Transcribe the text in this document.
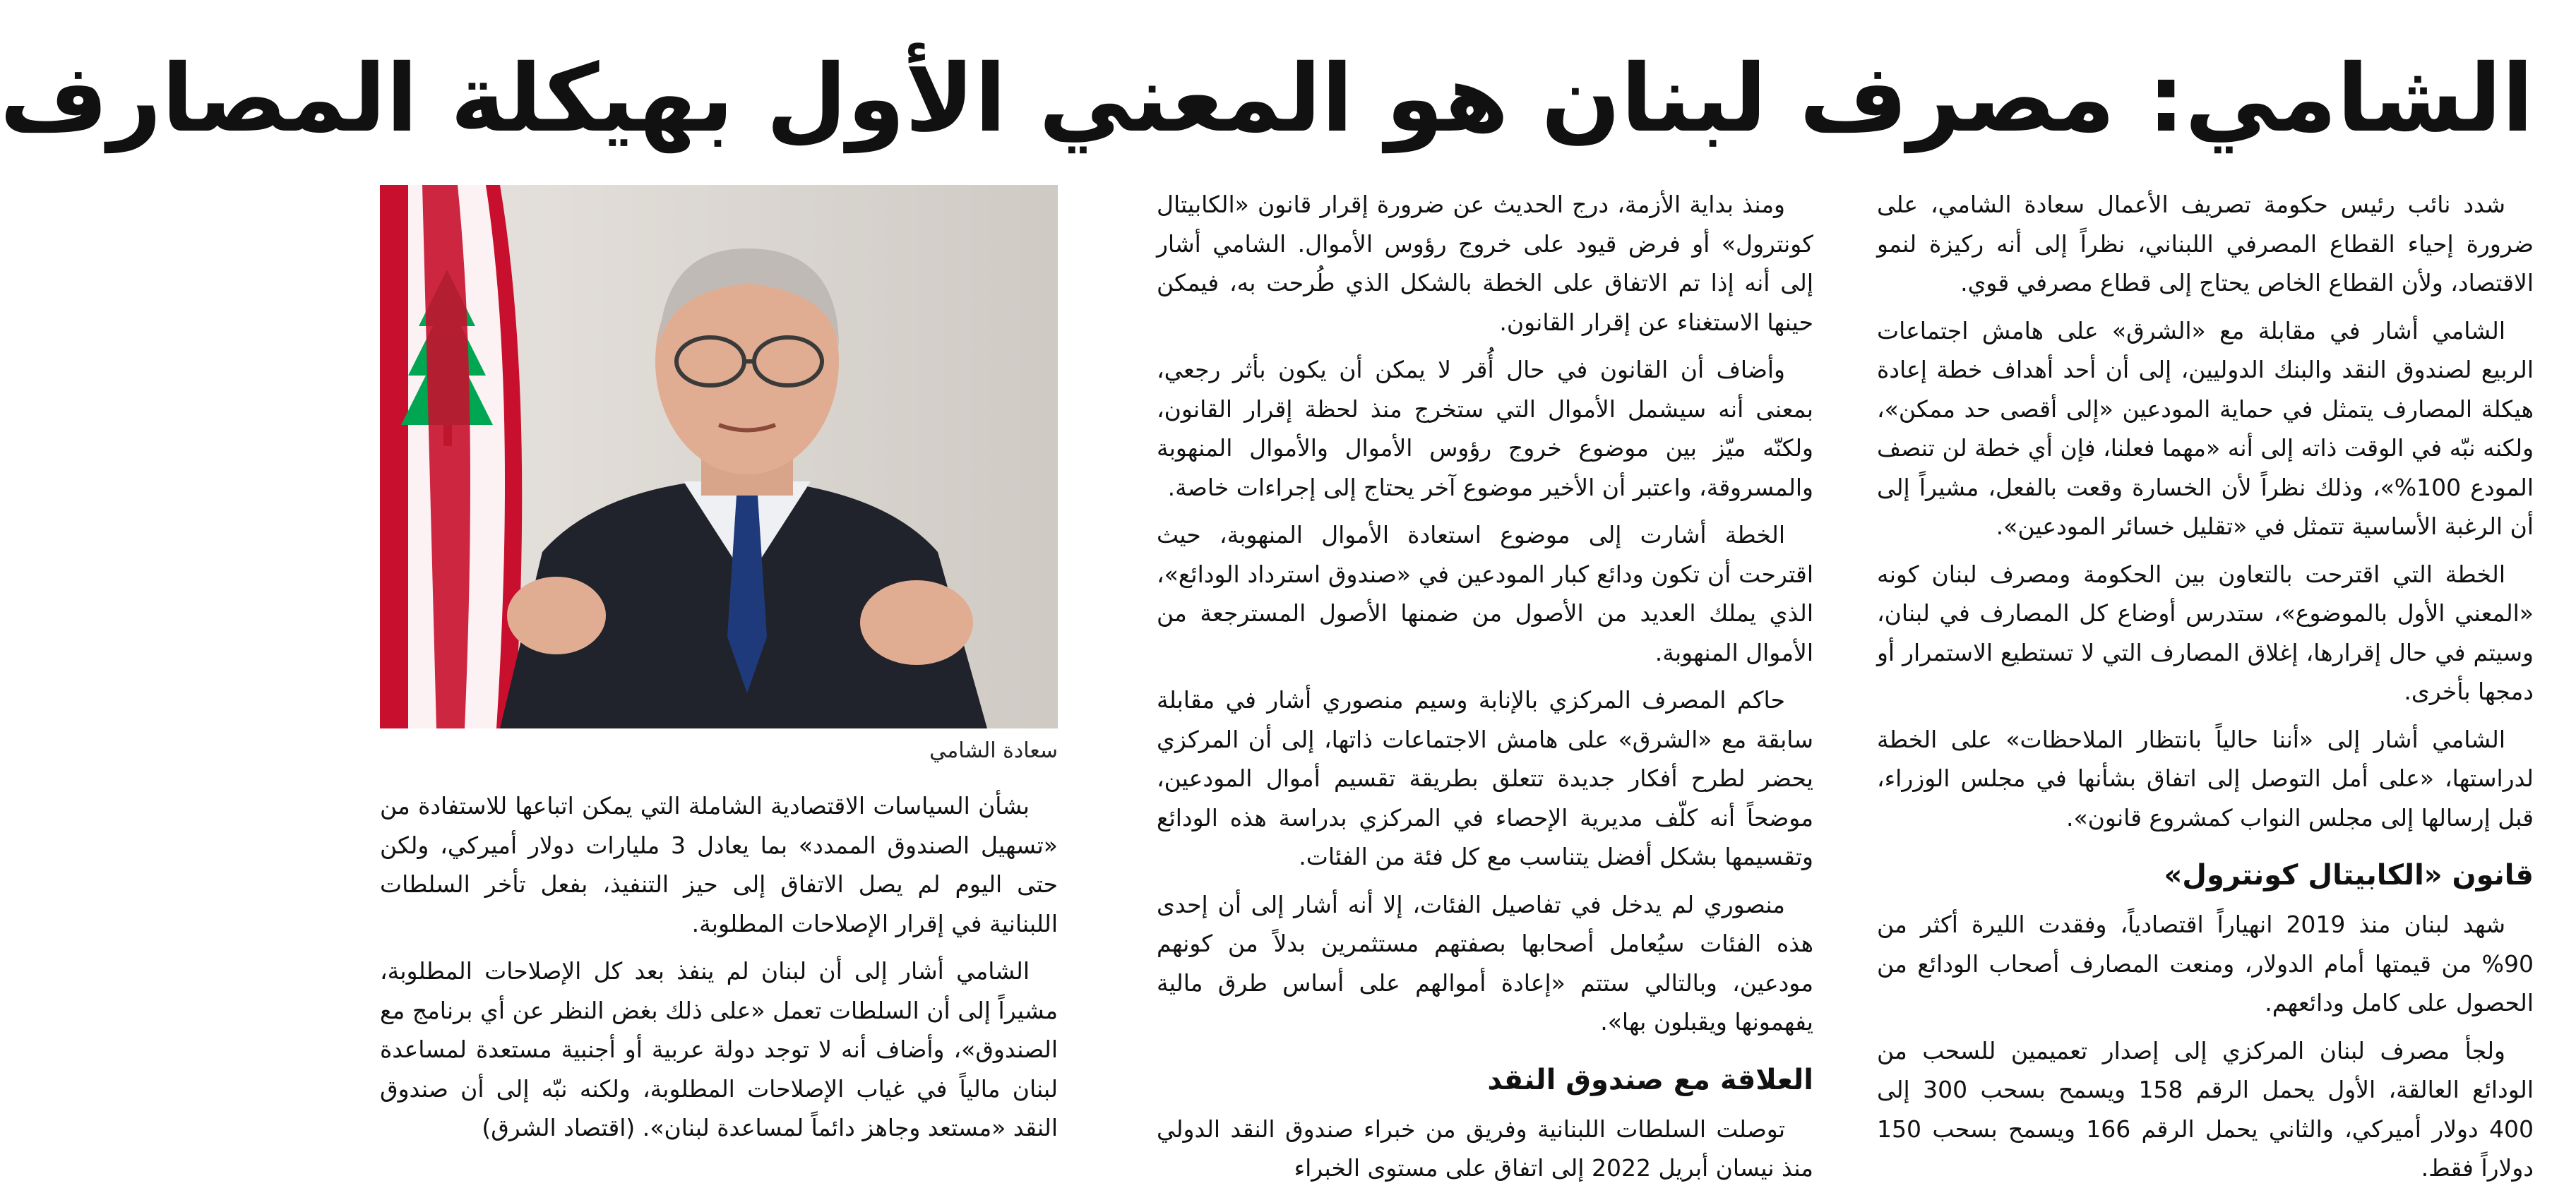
الشامي: مصرف لبنان هو المعني الأول بهيكلة المصارف

شدد نائب رئيس حكومة تصريف الأعمال سعادة الشامي، على ضرورة إحياء القطاع المصرفي اللبناني، نظراً إلى أنه ركيزة لنمو الاقتصاد، ولأن القطاع الخاص يحتاج إلى قطاع مصرفي قوي.

الشامي أشار في مقابلة مع «الشرق» على هامش اجتماعات الربيع لصندوق النقد والبنك الدوليين، إلى أن أحد أهداف خطة إعادة هيكلة المصارف يتمثل في حماية المودعين «إلى أقصى حد ممكن»، ولكنه نبّه في الوقت ذاته إلى أنه «مهما فعلنا، فإن أي خطة لن تنصف المودع 100%»، وذلك نظراً لأن الخسارة وقعت بالفعل، مشيراً إلى أن الرغبة الأساسية تتمثل في «تقليل خسائر المودعين».

الخطة التي اقترحت بالتعاون بين الحكومة ومصرف لبنان كونه «المعني الأول بالموضوع»، ستدرس أوضاع كل المصارف في لبنان، وسيتم في حال إقرارها، إغلاق المصارف التي لا تستطيع الاستمرار أو دمجها بأخرى.

الشامي أشار إلى «أننا حالياً بانتظار الملاحظات» على الخطة لدراستها، «على أمل التوصل إلى اتفاق بشأنها في مجلس الوزراء، قبل إرسالها إلى مجلس النواب كمشروع قانون».

قانون «الكابيتال كونترول»

شهد لبنان منذ 2019 انهياراً اقتصادياً، وفقدت الليرة أكثر من 90% من قيمتها أمام الدولار، ومنعت المصارف أصحاب الودائع من الحصول على كامل ودائعهم.

ولجأ مصرف لبنان المركزي إلى إصدار تعميمين للسحب من الودائع العالقة، الأول يحمل الرقم 158 ويسمح بسحب 300 إلى 400 دولار أميركي، والثاني يحمل الرقم 166 ويسمح بسحب 150 دولاراً فقط.

ومنذ بداية الأزمة، درج الحديث عن ضرورة إقرار قانون «الكابيتال كونترول» أو فرض قيود على خروج رؤوس الأموال. الشامي أشار إلى أنه إذا تم الاتفاق على الخطة بالشكل الذي طُرحت به، فيمكن حينها الاستغناء عن إقرار القانون.

وأضاف أن القانون في حال أُقر لا يمكن أن يكون بأثر رجعي، بمعنى أنه سيشمل الأموال التي ستخرج منذ لحظة إقرار القانون، ولكنّه ميّز بين موضوع خروج رؤوس الأموال والأموال المنهوبة والمسروقة، واعتبر أن الأخير موضوع آخر يحتاج إلى إجراءات خاصة.

الخطة أشارت إلى موضوع استعادة الأموال المنهوبة، حيث اقترحت أن تكون ودائع كبار المودعين في «صندوق استرداد الودائع»، الذي يملك العديد من الأصول من ضمنها الأصول المسترجعة من الأموال المنهوبة.

حاكم المصرف المركزي بالإنابة وسيم منصوري أشار في مقابلة سابقة مع «الشرق» على هامش الاجتماعات ذاتها، إلى أن المركزي يحضر لطرح أفكار جديدة تتعلق بطريقة تقسيم أموال المودعين، موضحاً أنه كلّف مديرية الإحصاء في المركزي بدراسة هذه الودائع وتقسيمها بشكل أفضل يتناسب مع كل فئة من الفئات.

منصوري لم يدخل في تفاصيل الفئات، إلا أنه أشار إلى أن إحدى هذه الفئات سيُعامل أصحابها بصفتهم مستثمرين بدلاً من كونهم مودعين، وبالتالي ستتم «إعادة أموالهم على أساس طرق مالية يفهمونها ويقبلون بها».

العلاقة مع صندوق النقد

توصلت السلطات اللبنانية وفريق من خبراء صندوق النقد الدولي منذ نيسان أبريل 2022 إلى اتفاق على مستوى الخبراء

سعادة الشامي

بشأن السياسات الاقتصادية الشاملة التي يمكن اتباعها للاستفادة من «تسهيل الصندوق الممدد» بما يعادل 3 مليارات دولار أميركي، ولكن حتى اليوم لم يصل الاتفاق إلى حيز التنفيذ، بفعل تأخر السلطات اللبنانية في إقرار الإصلاحات المطلوبة.

الشامي أشار إلى أن لبنان لم ينفذ بعد كل الإصلاحات المطلوبة، مشيراً إلى أن السلطات تعمل «على ذلك بغض النظر عن أي برنامج مع الصندوق»، وأضاف أنه لا توجد دولة عربية أو أجنبية مستعدة لمساعدة لبنان مالياً في غياب الإصلاحات المطلوبة، ولكنه نبّه إلى أن صندوق النقد «مستعد وجاهز دائماً لمساعدة لبنان». (اقتصاد الشرق)
